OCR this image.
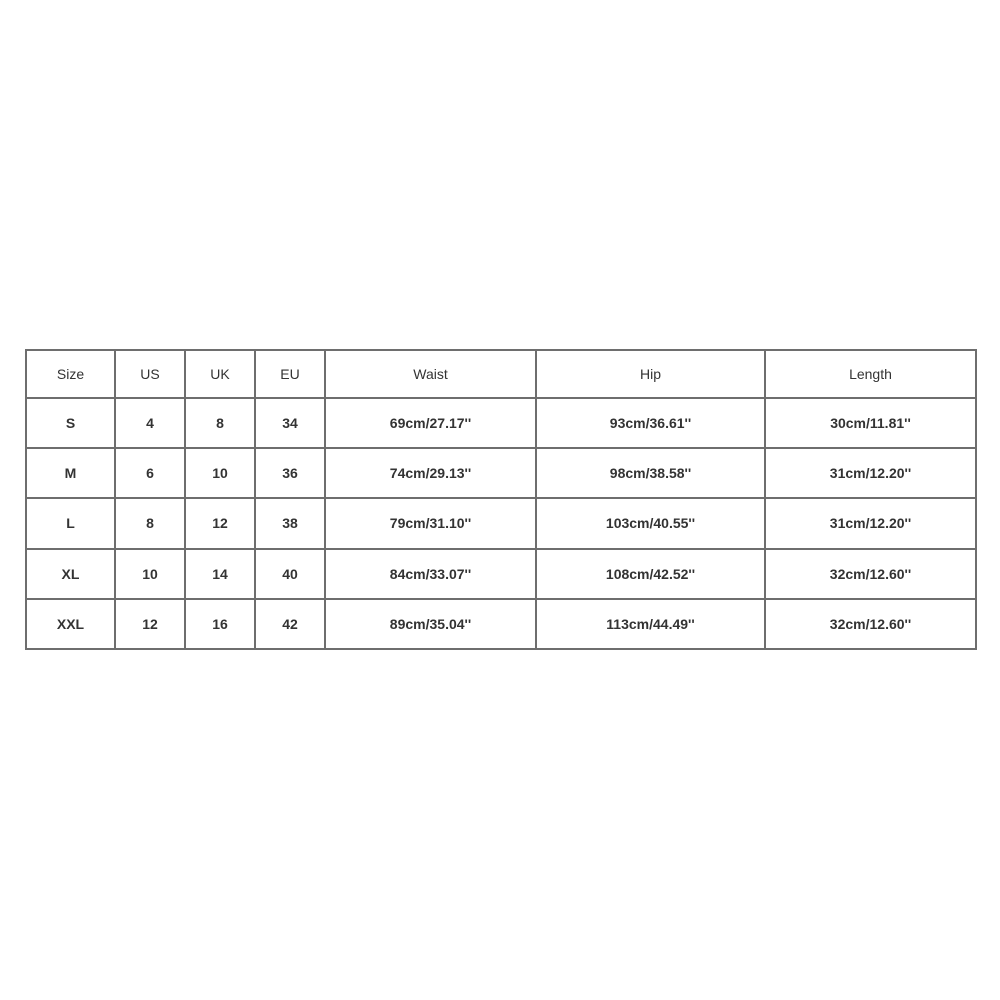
Size	US	UK	EU	Waist	Hip	Length
S	4	8	34	69cm/27.17''	93cm/36.61''	30cm/11.81''
M	6	10	36	74cm/29.13''	98cm/38.58''	31cm/12.20''
L	8	12	38	79cm/31.10''	103cm/40.55''	31cm/12.20''
XL	10	14	40	84cm/33.07''	108cm/42.52''	32cm/12.60''
XXL	12	16	42	89cm/35.04''	113cm/44.49''	32cm/12.60''
